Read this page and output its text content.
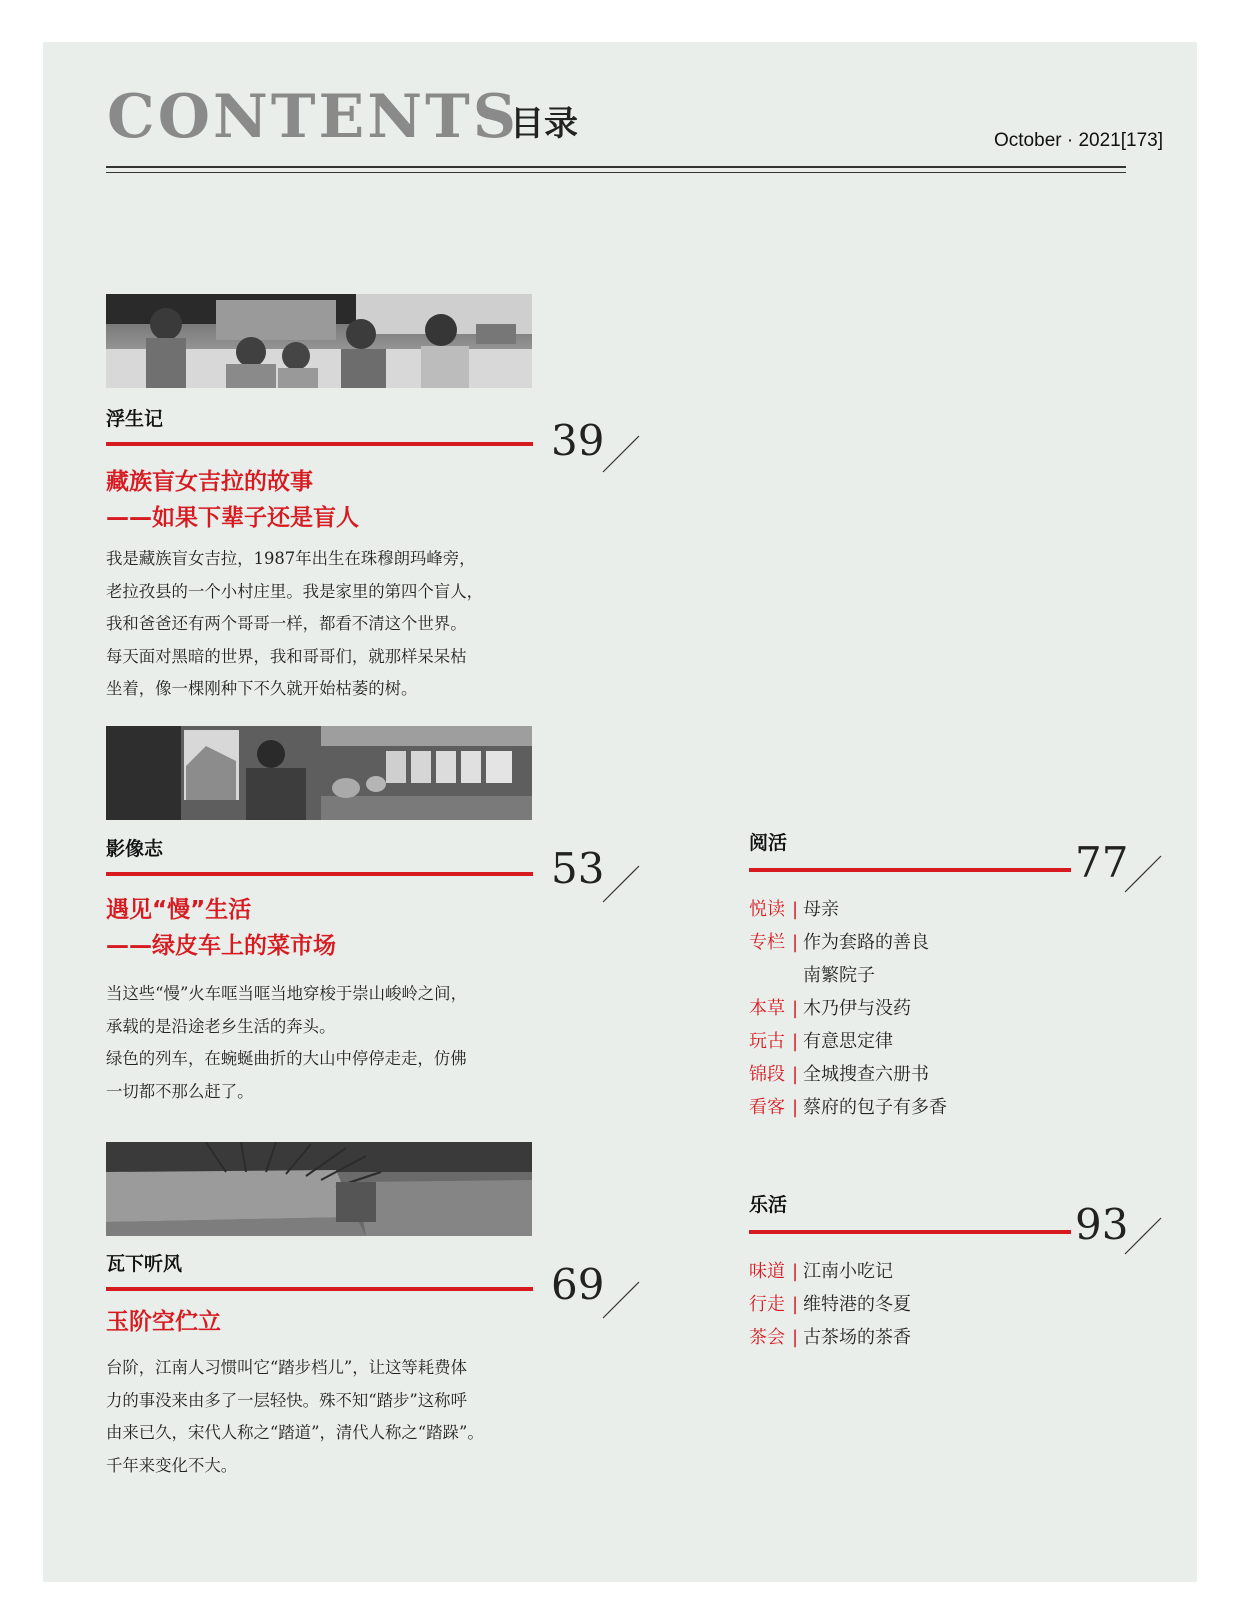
CONTENTS
目录	October · 2021[173]
浮生记	39
藏族盲女吉拉的故事
——如果下辈子还是盲人
我是藏族盲女吉拉，1987年出生在珠穆朗玛峰旁，
老拉孜县的一个小村庄里。我是家里的第四个盲人，
我和爸爸还有两个哥哥一样，都看不清这个世界。
每天面对黑暗的世界，我和哥哥们，就那样呆呆枯
坐着，像一棵刚种下不久就开始枯萎的树。
影像志	53
遇见“慢”生活
——绿皮车上的菜市场
当这些“慢”火车哐当哐当地穿梭于崇山峻岭之间，
承载的是沿途老乡生活的奔头。
绿色的列车，在蜿蜒曲折的大山中停停走走，仿佛
一切都不那么赶了。
瓦下听风	69
玉阶空伫立
台阶，江南人习惯叫它“踏步档儿”，让这等耗费体
力的事没来由多了一层轻快。殊不知“踏步”这称呼
由来已久，宋代人称之“踏道”，清代人称之“踏跺”。
千年来变化不大。
阅活	77
悦读 | 母亲
专栏 | 作为套路的善良
南繁院子
本草 | 木乃伊与没药
玩古 | 有意思定律
锦段 | 全城搜查六册书
看客 | 蔡府的包子有多香
乐活	93
味道 | 江南小吃记
行走 | 维特港的冬夏
茶会 | 古茶场的茶香
